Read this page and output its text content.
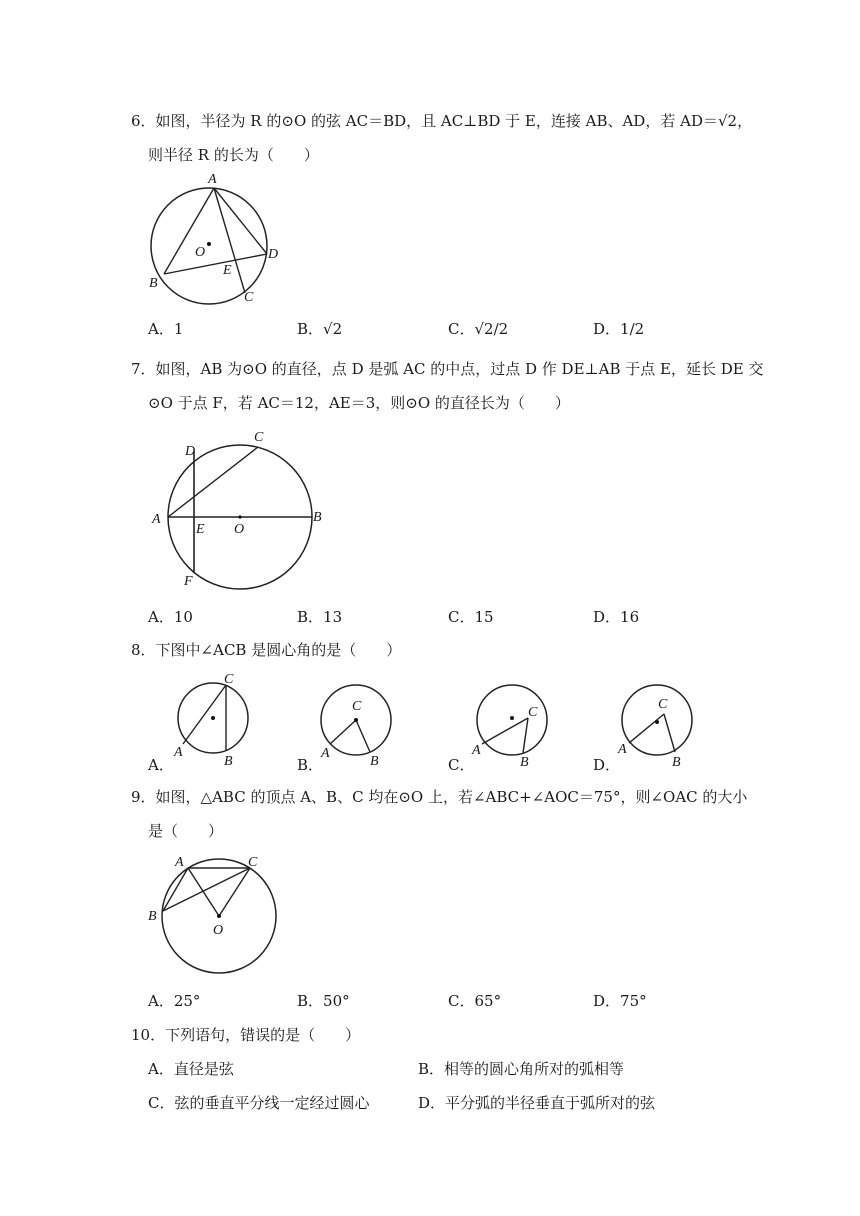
6．如图，半径为 R 的⊙O 的弦 AC＝BD，且 AC⊥BD 于 E，连接 AB、AD，若 AD＝√2，
则半径 R 的长为（　　）
A
O	D
E
B
C
A．1	B．√2	C．√2/2	D．1/2
7．如图，AB 为⊙O 的直径，点 D 是弧 AC 的中点，过点 D 作 DE⊥AB 于点 E，延长 DE 交
⊙O 于点 F，若 AC＝12，AE＝3，则⊙O 的直径长为（　　）
D
C
A
E O
B
F
A．10	B．13	C．15	D．16
8．下图中∠ACB 是圆心角的是（　　）
A．
C
A
B	B．
C
A
B	C．
C
A
B	D．
C
A
B
9．如图，△ABC 的顶点 A、B、C 均在⊙O 上，若∠ABC+∠AOC＝75°，则∠OAC 的大小
是（　　）
A	C
B
O
A．25°	B．50°	C．65°	D．75°
10．下列语句，错误的是（　　）
A．直径是弦	B．相等的圆心角所对的弧相等
C．弦的垂直平分线一定经过圆心	D．平分弧的半径垂直于弧所对的弦
